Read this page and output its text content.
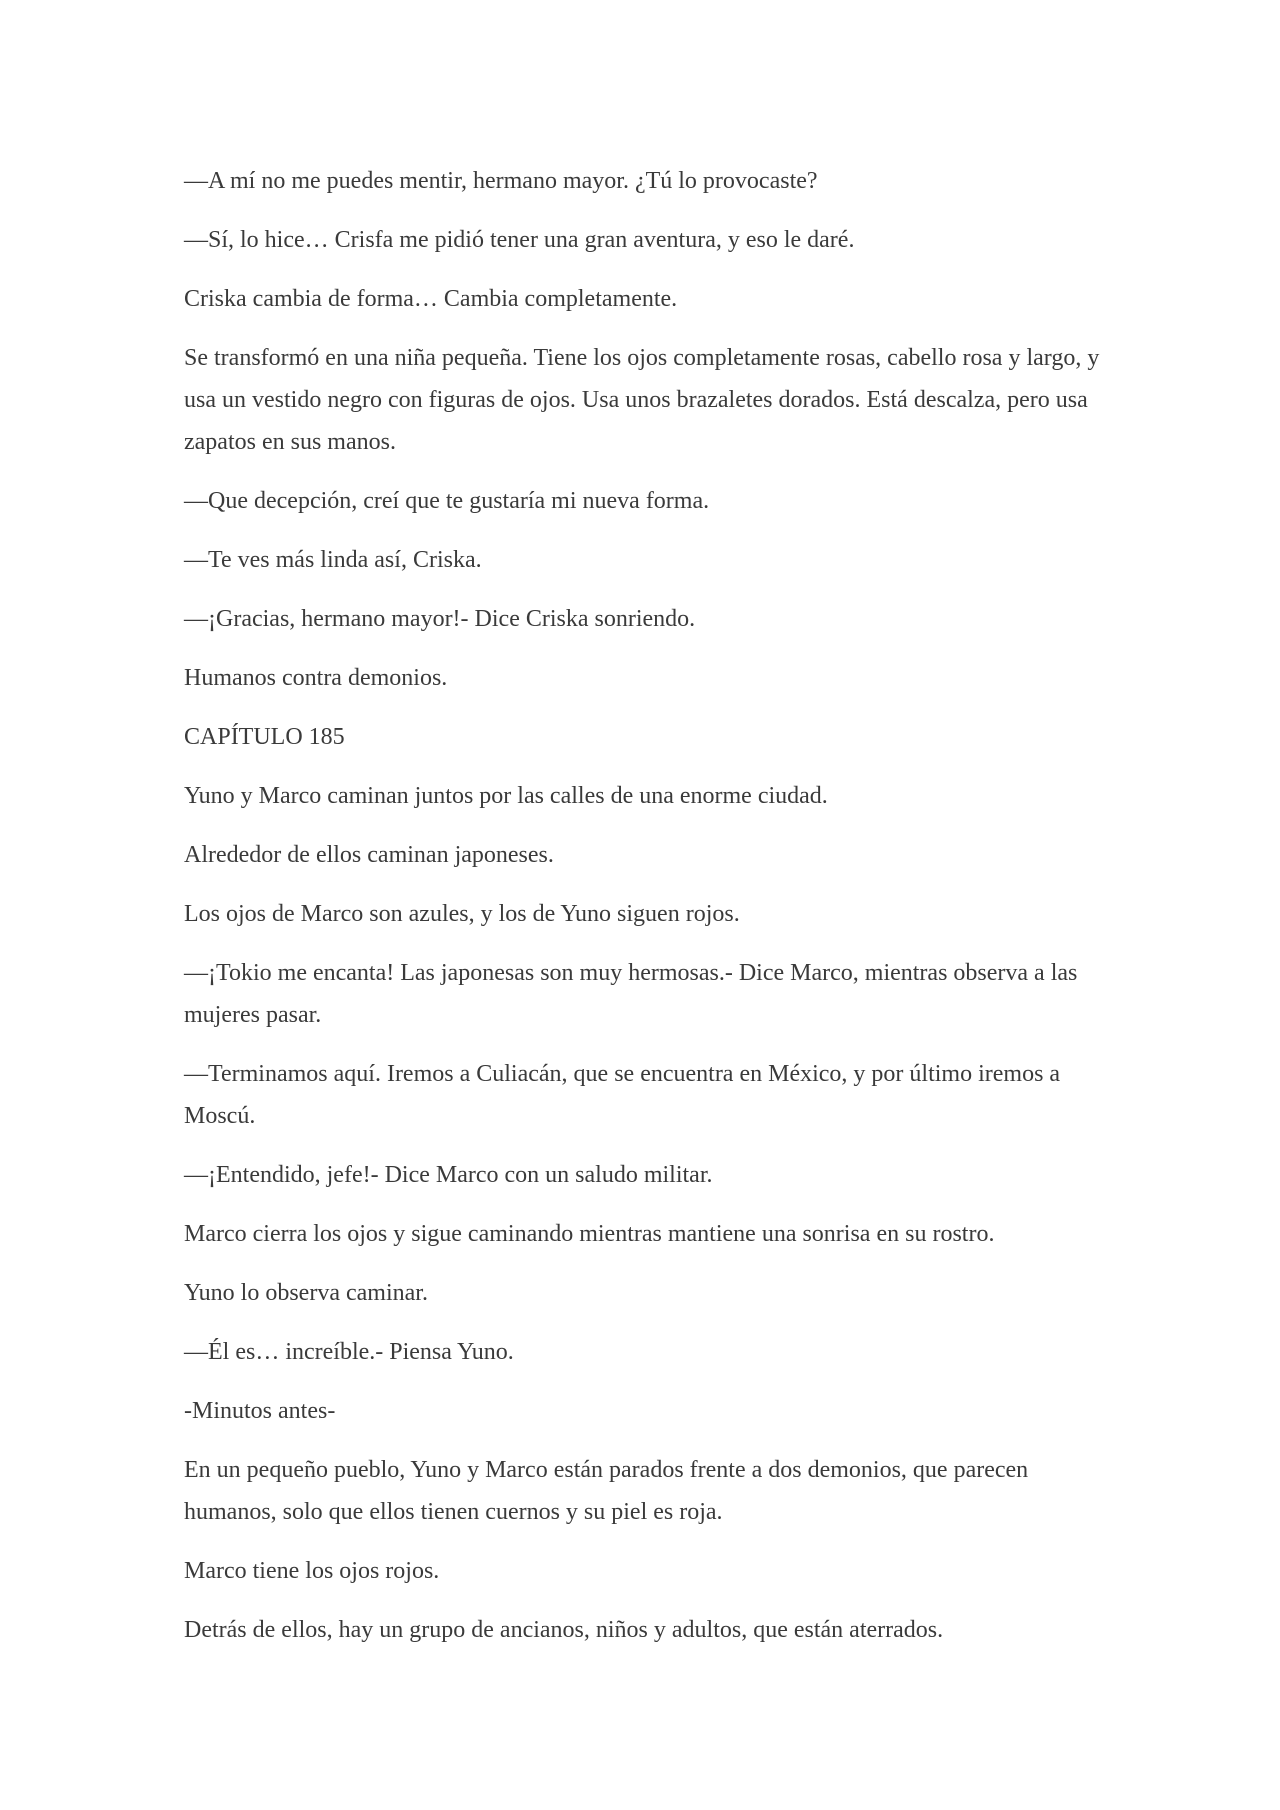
—A mí no me puedes mentir, hermano mayor. ¿Tú lo provocaste?

—Sí, lo hice… Crisfa me pidió tener una gran aventura, y eso le daré.

Criska cambia de forma… Cambia completamente.

Se transformó en una niña pequeña. Tiene los ojos completamente rosas, cabello rosa y largo, y usa un vestido negro con figuras de ojos. Usa unos brazaletes dorados. Está descalza, pero usa zapatos en sus manos.

—Que decepción, creí que te gustaría mi nueva forma.

—Te ves más linda así, Criska.

—¡Gracias, hermano mayor!- Dice Criska sonriendo.

Humanos contra demonios.

CAPÍTULO 185

Yuno y Marco caminan juntos por las calles de una enorme ciudad.

Alrededor de ellos caminan japoneses.

Los ojos de Marco son azules, y los de Yuno siguen rojos.

—¡Tokio me encanta! Las japonesas son muy hermosas.- Dice Marco, mientras observa a las mujeres pasar.

—Terminamos aquí. Iremos a Culiacán, que se encuentra en México, y por último iremos a Moscú.

—¡Entendido, jefe!- Dice Marco con un saludo militar.

Marco cierra los ojos y sigue caminando mientras mantiene una sonrisa en su rostro.

Yuno lo observa caminar.

—Él es… increíble.- Piensa Yuno.

-Minutos antes-

En un pequeño pueblo, Yuno y Marco están parados frente a dos demonios, que parecen humanos, solo que ellos tienen cuernos y su piel es roja.

Marco tiene los ojos rojos.

Detrás de ellos, hay un grupo de ancianos, niños y adultos, que están aterrados.
